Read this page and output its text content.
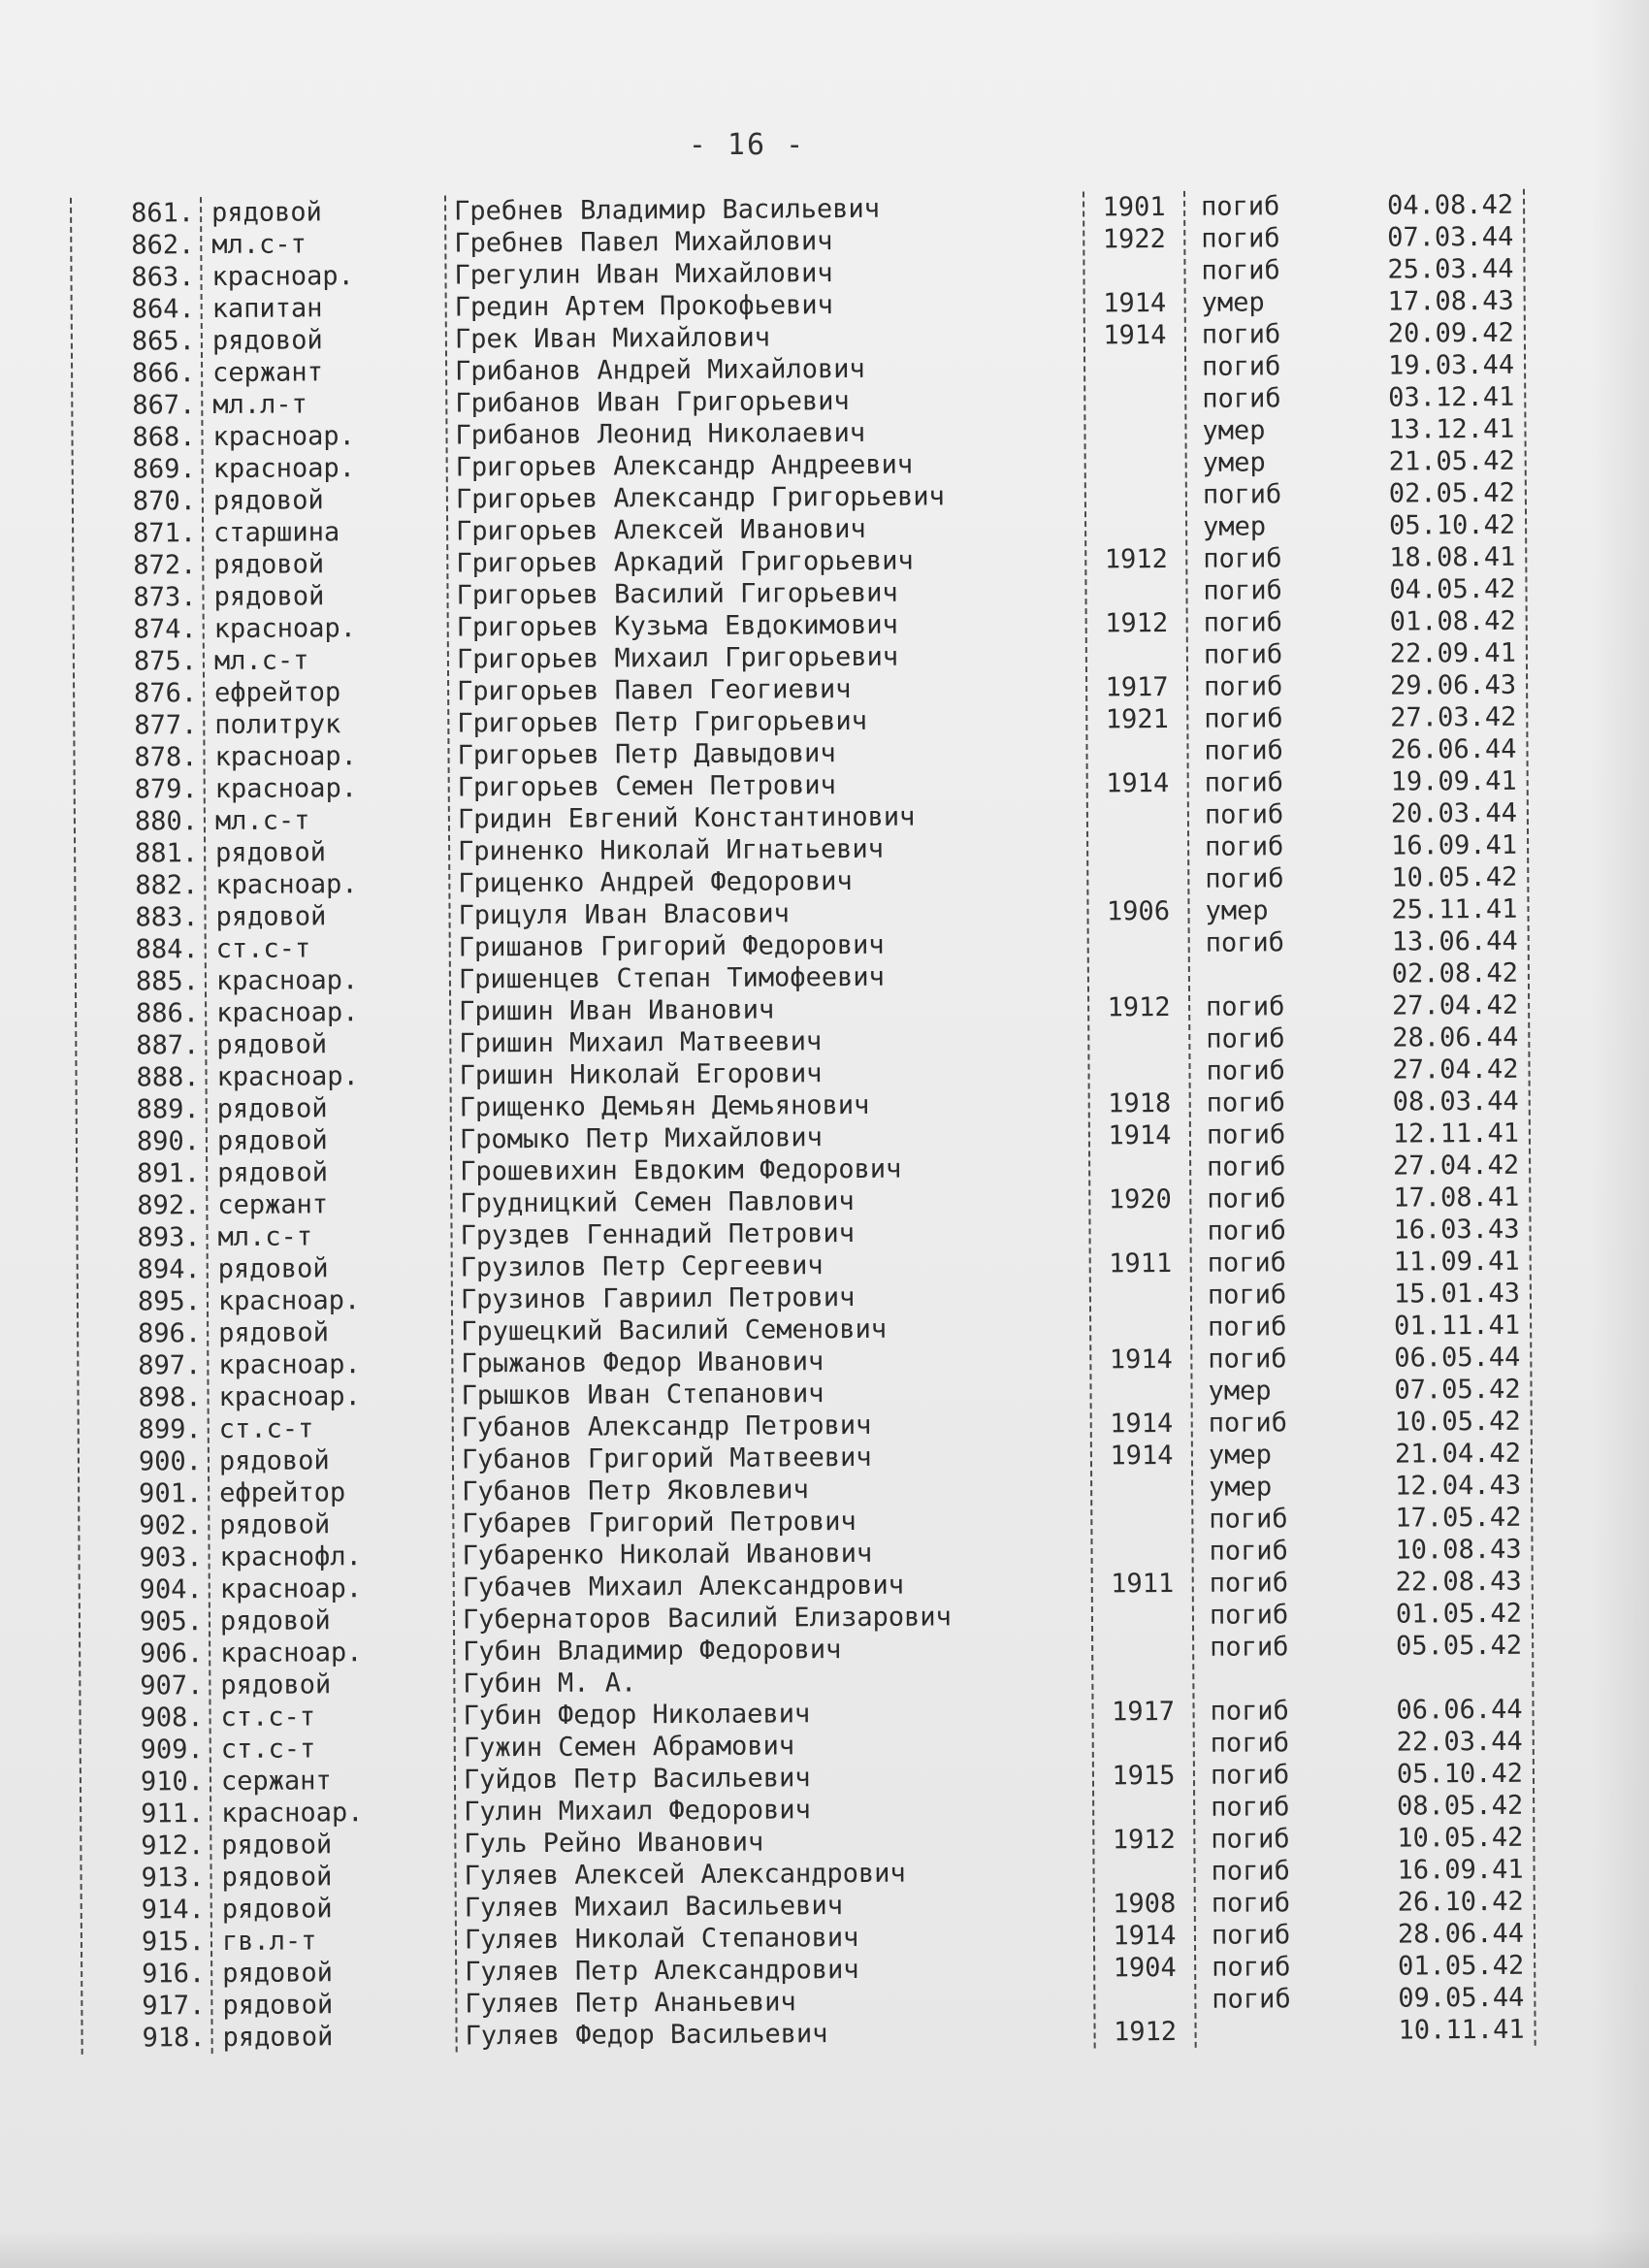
- 16 -
861. рядовой	Гребнев Владимир Васильевич	1901	погиб	04.08.42
862. мл.с-т	Гребнев Павел Михайлович	1922	погиб	07.03.44
863. красноар.	Грегулин Иван Михайлович	погиб	25.03.44
864. капитан	Гредин Артем Прокофьевич	1914	умер	17.08.43
865. рядовой	Грек Иван Михайлович	1914	погиб	20.09.42
866. сержант	Грибанов Андрей Михайлович	погиб	19.03.44
867. мл.л-т	Грибанов Иван Григорьевич	погиб	03.12.41
868. красноар.	Грибанов Леонид Николаевич	умер	13.12.41
869. красноар.	Григорьев Александр Андреевич	умер	21.05.42
870. рядовой	Григорьев Александр Григорьевич	погиб	02.05.42
871. старшина	Григорьев Алексей Иванович	умер	05.10.42
872. рядовой	Григорьев Аркадий Григорьевич	1912	погиб	18.08.41
873. рядовой	Григорьев Василий Гигорьевич	погиб	04.05.42
874. красноар.	Григорьев Кузьма Евдокимович	1912	погиб	01.08.42
875. мл.с-т	Григорьев Михаил Григорьевич	погиб	22.09.41
876. ефрейтор	Григорьев Павел Геогиевич	1917	погиб	29.06.43
877. политрук	Григорьев Петр Григорьевич	1921	погиб	27.03.42
878. красноар.	Григорьев Петр Давыдович	погиб	26.06.44
879. красноар.	Григорьев Семен Петрович	1914	погиб	19.09.41
880. мл.с-т	Гридин Евгений Константинович	погиб	20.03.44
881. рядовой	Гриненко Николай Игнатьевич	погиб	16.09.41
882. красноар.	Гриценко Андрей Федорович	погиб	10.05.42
883. рядовой	Грицуля Иван Власович	1906	умер	25.11.41
884. ст.с-т	Гришанов Григорий Федорович	погиб	13.06.44
885. красноар.	Гришенцев Степан Тимофеевич	02.08.42
886. красноар.	Гришин Иван Иванович	1912	погиб	27.04.42
887. рядовой	Гришин Михаил Матвеевич	погиб	28.06.44
888. красноар.	Гришин Николай Егорович	погиб	27.04.42
889. рядовой	Грищенко Демьян Демьянович	1918	погиб	08.03.44
890. рядовой	Громыко Петр Михайлович	1914	погиб	12.11.41
891. рядовой	Грошевихин Евдоким Федорович	погиб	27.04.42
892. сержант	Грудницкий Семен Павлович	1920	погиб	17.08.41
893. мл.с-т	Груздев Геннадий Петрович	погиб	16.03.43
894. рядовой	Грузилов Петр Сергеевич	1911	погиб	11.09.41
895. красноар.	Грузинов Гавриил Петрович	погиб	15.01.43
896. рядовой	Грушецкий Василий Семенович	погиб	01.11.41
897. красноар.	Грыжанов Федор Иванович	1914	погиб	06.05.44
898. красноар.	Грышков Иван Степанович	умер	07.05.42
899. ст.с-т	Губанов Александр Петрович	1914	погиб	10.05.42
900. рядовой	Губанов Григорий Матвеевич	1914	умер	21.04.42
901. ефрейтор	Губанов Петр Яковлевич	умер	12.04.43
902. рядовой	Губарев Григорий Петрович	погиб	17.05.42
903. краснофл.	Губаренко Николай Иванович	погиб	10.08.43
904. красноар.	Губачев Михаил Александрович	1911	погиб	22.08.43
905. рядовой	Губернаторов Василий Елизарович	погиб	01.05.42
906. красноар.	Губин Владимир Федорович	погиб	05.05.42
907. рядовой	Губин М. А.
908. ст.с-т	Губин Федор Николаевич	1917	погиб	06.06.44
909. ст.с-т	Гужин Семен Абрамович	погиб	22.03.44
910. сержант	Гуйдов Петр Васильевич	1915	погиб	05.10.42
911. красноар.	Гулин Михаил Федорович	погиб	08.05.42
912. рядовой	Гуль Рейно Иванович	1912	погиб	10.05.42
913. рядовой	Гуляев Алексей Александрович	погиб	16.09.41
914. рядовой	Гуляев Михаил Васильевич	1908	погиб	26.10.42
915. гв.л-т	Гуляев Николай Степанович	1914	погиб	28.06.44
916. рядовой	Гуляев Петр Александрович	1904	погиб	01.05.42
917. рядовой	Гуляев Петр Ананьевич	погиб	09.05.44
918. рядовой	Гуляев Федор Васильевич	1912	10.11.41
